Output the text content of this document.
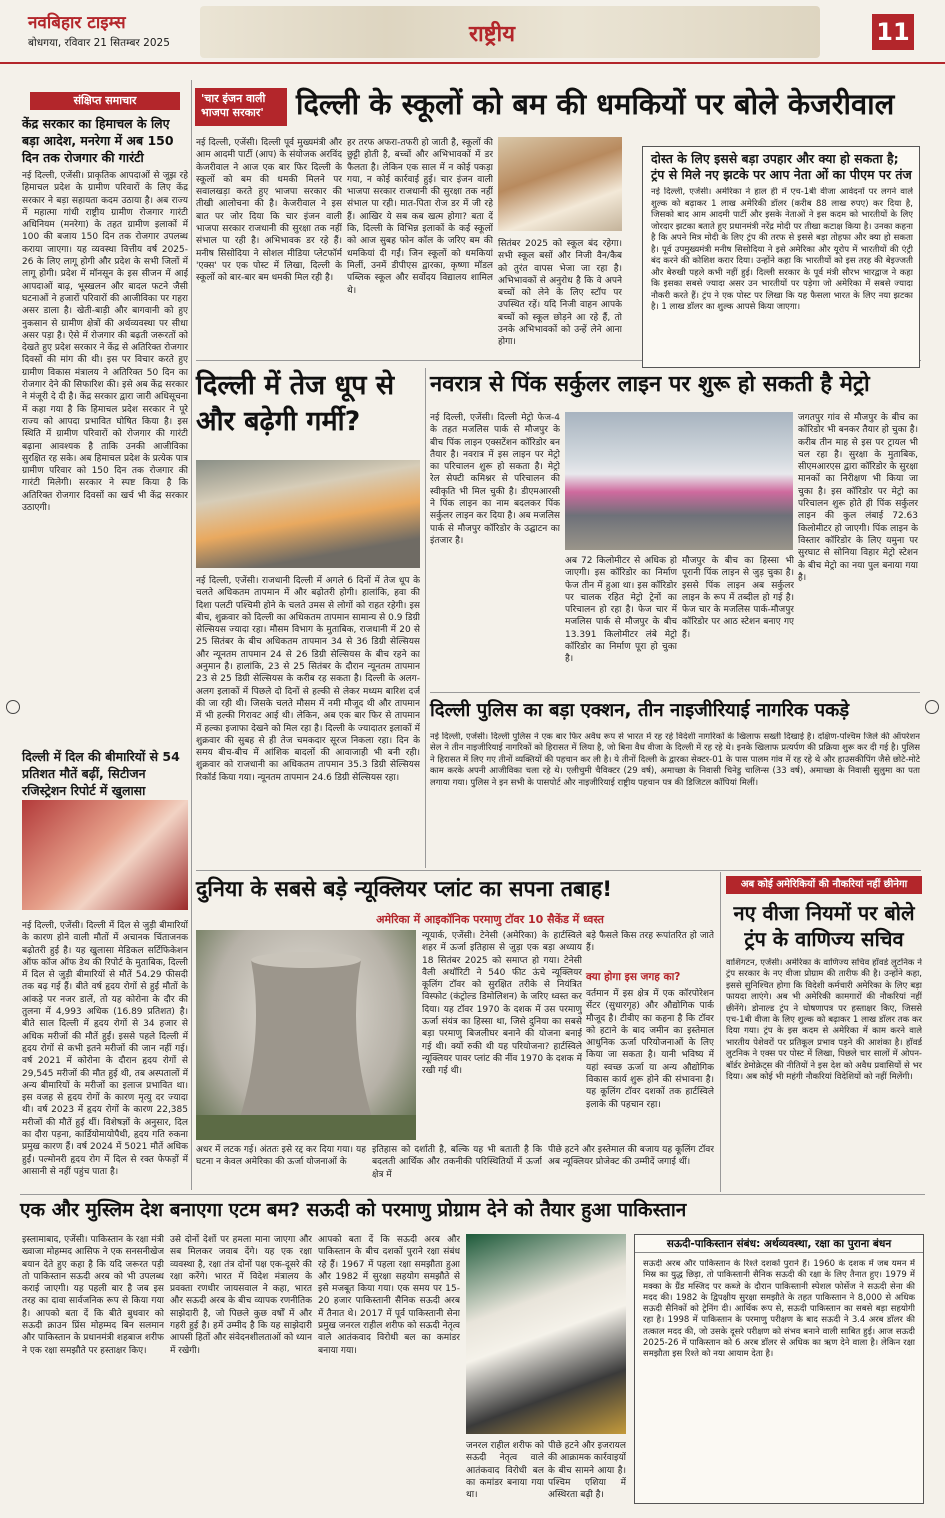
नवबिहार टाइम्स
बोधगया, रविवार 21 सितम्बर 2025	राष्ट्रीय	11
संक्षिप्त समाचार
केंद्र सरकार का हिमाचल के लिए बड़ा आदेश, मनरेगा में अब 150 दिन तक रोजगार की गारंटी
नई दिल्ली, एजेंसी। प्राकृतिक आपदाओं से जूझ रहे हिमाचल प्रदेश के ग्रामीण परिवारों के लिए केंद्र सरकार ने बड़ा सहायता कदम उठाया है। अब राज्य में महात्मा गांधी राष्ट्रीय ग्रामीण रोजगार गारंटी अधिनियम (मनरेगा) के तहत ग्रामीण इलाकों में 100 की बजाय 150 दिन तक रोजगार उपलब्ध कराया जाएगा। यह व्यवस्था वित्तीय वर्ष 2025-26 के लिए लागू होगी और प्रदेश के सभी जिलों में लागू होगी। प्रदेश में मॉनसून के इस सीजन में आई आपदाओं बाढ़, भूस्खलन और बादल फटने जैसी घटनाओं ने हजारों परिवारों की आजीविका पर गहरा असर डाला है। खेती-बाड़ी और बागवानी को हुए नुकसान से ग्रामीण क्षेत्रों की अर्थव्यवस्था पर सीधा असर पड़ा है। ऐसे में रोजगार की बढ़ती जरूरतों को देखते हुए प्रदेश सरकार ने केंद्र से अतिरिक्त रोजगार दिवसों की मांग की थी। इस पर विचार करते हुए ग्रामीण विकास मंत्रालय ने अतिरिक्त 50 दिन का रोजगार देने की सिफारिश की। इसे अब केंद्र सरकार ने मंजूरी दे दी है। केंद्र सरकार द्वारा जारी अधिसूचना में कहा गया है कि हिमाचल प्रदेश सरकार ने पूरे राज्य को आपदा प्रभावित घोषित किया है। इस स्थिति में ग्रामीण परिवारों को रोजगार की गारंटी बढ़ाना आवश्यक है ताकि उनकी आजीविका सुरक्षित रह सके। अब हिमाचल प्रदेश के प्रत्येक पात्र ग्रामीण परिवार को 150 दिन तक रोजगार की गारंटी मिलेगी। सरकार ने स्पष्ट किया है कि अतिरिक्त रोजगार दिवसों का खर्च भी केंद्र सरकार उठाएगी।
दिल्ली में दिल की बीमारियों से 54 प्रतिशत मौतें बढ़ीं, सिटीजन रजिस्ट्रेशन रिपोर्ट में खुलासा
नई दिल्ली, एजेंसी। दिल्ली में दिल से जुड़ी बीमारियों के कारण होने वाली मौतों में अचानक चिंताजनक बढ़ोतरी हुई है। यह खुलासा मेडिकल सर्टिफिकेशन ऑफ कॉज ऑफ डेथ की रिपोर्ट के मुताबिक, दिल्ली में दिल से जुड़ी बीमारियों से मौतें 54.29 फीसदी तक बढ़ गई हैं। बीते वर्ष हृदय रोगों से हुई मौतों के आंकड़े पर नजर डालें, तो यह कोरोना के दौर की तुलना में 4,993 अधिक (16.89 प्रतिशत) है। बीते साल दिल्ली में हृदय रोगों से 34 हजार से अधिक मरीजों की मौतें हुईं। इससे पहले दिल्ली में हृदय रोगों से कभी इतने मरीजों की जान नहीं गई। वर्ष 2021 में कोरोना के दौरान हृदय रोगों से 29,545 मरीजों की मौत हुई थी, तब अस्पतालों में अन्य बीमारियों के मरीजों का इलाज प्रभावित था। इस वजह से हृदय रोगों के कारण मृत्यु दर ज्यादा थी। वर्ष 2023 में हृदय रोगों के कारण 22,385 मरीजों की मौतें हुई थीं। विशेषज्ञों के अनुसार, दिल का दौरा पड़ना, कार्डियोमायोपैथी, हृदय गति रुकना प्रमुख कारण हैं। वर्ष 2024 में 5021 मौतें अधिक हुईं। पल्मोनरी हृदय रोग में दिल से रक्त फेफड़ों में आसानी से नहीं पहुंच पाता है।
'चार इंजन वाली भाजपा सरकार'	दिल्ली के स्कूलों को बम की धमकियों पर बोले केजरीवाल
नई दिल्ली, एजेंसी। दिल्ली पूर्व मुख्यमंत्री और आम आदमी पार्टी (आप) के संयोजक अरविंद केजरीवाल ने आज एक बार फिर दिल्ली के स्कूलों को बम की धमकी मिलने पर सवालखड़ा करते हुए भाजपा सरकार की तीखी आलोचना की है। केजरीवाल ने इस बात पर जोर दिया कि चार इंजन वाली भाजपा सरकार राजधानी की सुरक्षा तक नहीं संभाल पा रही है। अभिभावक डर रहे हैं। मनीष सिसोदिया ने सोशल मीडिया प्लेटफॉर्म 'एक्स' पर एक पोस्ट में लिखा, दिल्ली के स्कूलों को बार-बार बम धमकी मिल रही है।
हर तरफ अफरा-तफरी हो जाती है, स्कूलों की छुट्टी होती है, बच्चों और अभिभावकों में डर फैलता है। लेकिन एक साल में न कोई पकड़ा गया, न कोई कार्रवाई हुई। चार इंजन वाली भाजपा सरकार राजधानी की सुरक्षा तक नहीं संभाल पा रही। मात-पिता रोज डर में जी रहे हैं। आखिर ये सब कब खत्म होगा? बता दें कि, दिल्ली के विभिन्न इलाकों के कई स्कूलों को आज सुबह फोन कॉल के जरिए बम की धमकियां दी गईं। जिन स्कूलों को धमकियां मिलीं, उनमें डीपीएस द्वारका, कृष्णा मॉडल पब्लिक स्कूल और सर्वोदय विद्यालय शामिल थे।
सितंबर 2025 को स्कूल बंद रहेगा। सभी स्कूल बसों और निजी वैन/कैब को तुरंत वापस भेजा जा रहा है। अभिभावकों से अनुरोध है कि वे अपने बच्चों को लेने के लिए स्टॉप पर उपस्थित रहें। यदि निजी वाहन आपके बच्चों को स्कूल छोड़ने आ रहे हैं, तो उनके अभिभावकों को उन्हें लेने आना होगा।
दोस्त के लिए इससे बड़ा उपहार और क्या हो सकता है; ट्रंप से मिले नए झटके पर आप नेता ओं का पीएम पर तंज
नई दिल्ली, एजेंसी। अमेरिका ने हाल ही में एच-1बी वीजा आवेदनों पर लगने वाले शुल्क को बढ़ाकर 1 लाख अमेरिकी डॉलर (करीब 88 लाख रुपए) कर दिया है, जिसको बाद आम आदमी पार्टी और इसके नेताओं ने इस कदम को भारतीयों के लिए जोरदार झटका बताते हुए प्रधानमंत्री नरेंद्र मोदी पर तीखा कटाक्ष किया है। उनका कहना है कि अपने मित्र मोदी के लिए ट्रंप की तरफ से इससे बड़ा तोहफा और क्या हो सकता है। पूर्व उपमुख्यमंत्री मनीष सिसोदिया ने इसे अमेरिका और यूरोप में भारतीयों की एंट्री बंद करने की कोशिश करार दिया। उन्होंने कहा कि भारतीयों को इस तरह की बेइज्जती और बेरुखी पहले कभी नहीं हुई। दिल्ली सरकार के पूर्व मंत्री सौरभ भारद्वाज ने कहा कि इसका सबसे ज्यादा असर उन भारतीयों पर पड़ेगा जो अमेरिका में सबसे ज्यादा नौकरी करते हैं। ट्रंप ने एक पोस्ट पर लिखा कि यह फैसला भारत के लिए नया झटका है। 1 लाख डॉलर का शुल्क आपसे किया जाएगा।
दिल्ली में तेज धूप से और बढ़ेगी गर्मी?
नई दिल्ली, एजेंसी। राजधानी दिल्ली में अगले 6 दिनों में तेज धूप के चलते अधिकतम तापमान में और बढ़ोतरी होगी। हालांकि, हवा की दिशा पलटी पश्चिमी होने के चलते उमस से लोगों को राहत रहेगी। इस बीच, शुक्रवार को दिल्ली का अधिकतम तापमान सामान्य से 0.9 डिग्री सेल्सियस ज्यादा रहा। मौसम विभाग के मुताबिक, राजधानी में 20 से 25 सितंबर के बीच अधिकतम तापमान 34 से 36 डिग्री सेल्सियस और न्यूनतम तापमान 24 से 26 डिग्री सेल्सियस के बीच रहने का अनुमान है। हालांकि, 23 से 25 सितंबर के दौरान न्यूनतम तापमान 23 से 25 डिग्री सेल्सियस के करीब रह सकता है। दिल्ली के अलग-अलग इलाकों में पिछले दो दिनों से हल्की से लेकर मध्यम बारिश दर्ज की जा रही थी। जिसके चलते मौसम में नमी मौजूद थी और तापमान में भी हल्की गिरावट आई थी। लेकिन, अब एक बार फिर से तापमान में हल्का इजाफा देखने को मिल रहा है। दिल्ली के ज्यादातर इलाकों में शुक्रवार की सुबह से ही तेज चमकदार सूरज निकला रहा। दिन के समय बीच-बीच में आंशिक बादलों की आवाजाही भी बनी रही। शुक्रवार को राजधानी का अधिकतम तापमान 35.3 डिग्री सेल्सियस रिकॉर्ड किया गया। न्यूनतम तापमान 24.6 डिग्री सेल्सियस रहा।
नवरात्र से पिंक सर्कुलर लाइन पर शुरू हो सकती है मेट्रो
नई दिल्ली, एजेंसी। दिल्ली मेट्रो फेज-4 के तहत मजलिस पार्क से मौजपुर के बीच पिंक लाइन एक्सटेंशन कॉरिडोर बन तैयार है। नवरात्र में इस लाइन पर मेट्रो का परिचालन शुरू हो सकता है। मेट्रो रेल सेफ्टी कमिश्नर से परिचालन की स्वीकृति भी मिल चुकी है। डीएमआरसी ने पिंक लाइन का नाम बदलकर पिंक सर्कुलर लाइन कर दिया है। अब मजलिस पार्क से मौजपुर कॉरिडोर के उद्घाटन का इंतजार है।
अब 72 किलोमीटर से अधिक हो जाएगी। इस कॉरिडोर का निर्माण फेज तीन में हुआ था। इस कॉरिडोर पर चालक रहित मेट्रो ट्रेनों का परिचालन हो रहा है। फेज चार में मजलिस पार्क से मौजपुर के बीच 13.391 किलोमीटर लंबे मेट्रो कॉरिडोर का निर्माण पूरा हो चुका है।
मौजपुर के बीच का हिस्सा भी पूरानी पिंक लाइन से जुड़ चुका है। इससे पिंक लाइन अब सर्कुलर लाइन के रूप में तब्दील हो गई है। फेज चार के मजलिस पार्क-मौजपुर कॉरिडोर पर आठ स्टेशन बनाए गए हैं।
जगतपुर गांव से मौजपुर के बीच का कॉरिडोर भी बनकर तैयार हो चुका है। करीब तीन माह से इस पर ट्रायल भी चल रहा है। सुरक्षा के मुताबिक, सीएमआरएस द्वारा कॉरिडोर के सुरक्षा मानकों का निरीक्षण भी किया जा चुका है। इस कॉरिडोर पर मेट्रो का परिचालन शुरू होते ही पिंक सर्कुलर लाइन की कुल लंबाई 72.63 किलोमीटर हो जाएगी। पिंक लाइन के विस्तार कॉरिडोर के लिए यमुना पर सुरघाट से सोनिया विहार मेट्रो स्टेशन के बीच मेट्रो का नया पुल बनाया गया है।
दिल्ली पुलिस का बड़ा एक्शन, तीन नाइजीरियाई नागरिक पकड़े
नई दिल्ली, एजेंसी। दिल्ली पुलिस ने एक बार फिर अवैध रूप से भारत में रह रहे विदेशी नागरिकों के खिलाफ सख्ती दिखाई है। दक्षिण-पश्चिम जिले की ऑपरेशन सेल ने तीन नाइजीरियाई नागरिकों को हिरासत में लिया है, जो बिना वैध वीजा के दिल्ली में रह रहे थे। इनके खिलाफ प्रत्यर्पण की प्रक्रिया शुरू कर दी गई है। पुलिस ने हिरासत में लिए गए तीनों व्यक्तियों की पहचान कर ली है। ये तीनों दिल्ली के द्वारका सेक्टर-01 के पास पालम गांव में रह रहे थे और हाउसकीपिंग जैसे छोटे-मोटे काम करके अपनी आजीविका चला रहे थे। एलीचुमी चैविक्टर (29 वर्ष), अमाच्छा के निवासी चिनेडु चालिन्स (33 वर्ष), अमाच्छा के निवासी सुलुमा का पता लगाया गया। पुलिस ने इन सभी के पासपोर्ट और नाइजीरियाई राष्ट्रीय पहचान पत्र की डिजिटल कॉपियां मिलीं।
दुनिया के सबसे बड़े न्यूक्लियर प्लांट का सपना तबाह!
अमेरिका में आइकॉनिक परमाणु टॉवर 10 सैकेंड में ध्वस्त
न्यूयार्क, एजेंसी। टेनेसी (अमेरिका) के हार्टस्विले शहर में ऊर्जा इतिहास से जुड़ा एक बड़ा अध्याय 18 सितंबर 2025 को समाप्त हो गया। टेनेसी वैली अथॉरिटी ने 540 फीट ऊंचे न्यूक्लियर कूलिंग टॉवर को सुरक्षित तरीके से नियंत्रित विस्फोट (कंट्रोल्ड डिमोलिशन) के जरिए ध्वस्त कर दिया। यह टॉवर 1970 के दशक में उस परमाणु ऊर्जा संयंत्र का हिस्सा था, जिसे दुनिया का सबसे बड़ा परमाणु बिजलीघर बनाने की योजना बनाई गई थी। क्यों रुकी थी यह परियोजना? हार्टस्विले न्यूक्लियर पावर प्लांट की नींव 1970 के दशक में रखी गई थी।
बड़े फैसले किस तरह रूपांतरित हो जाते हैं।
क्या होगा इस जगह का?
वर्तमान में इस क्षेत्र में एक कॉरपोरेशन सेंटर (सुधारगृह) और औद्योगिक पार्क मौजूद है। टीवीए का कहना है कि टॉवर को हटाने के बाद जमीन का इस्तेमाल आधुनिक ऊर्जा परियोजनाओं के लिए किया जा सकता है। यानी भविष्य में यहां स्वच्छ ऊर्जा या अन्य औद्योगिक विकास कार्य शुरू होने की संभावना है। यह कूलिंग टॉवर दशकों तक हार्टस्विले इलाके की पहचान रहा।
अधर में लटक गई। अंततः इसे रद्द कर दिया गया। यह घटना न केवल अमेरिका की ऊर्जा योजनाओं के
इतिहास को दर्शाती है, बल्कि यह भी बताती है कि बदलती आर्थिक और तकनीकी परिस्थितियों में ऊर्जा क्षेत्र में
पीछे हटने और इस्तेमाल की बजाय यह कूलिंग टॉवर अब न्यूक्लियर प्रोजेक्ट की उम्मीदें जगाई थीं।
अब कोई अमेरिकियों की नौकरियां नहीं छीनेगा
नए वीजा नियमों पर बोले ट्रंप के वाणिज्य सचिव
वाशिंगटन, एजेंसी। अमेरिका के वाणिज्य सचिव हॉवर्ड लुटनिक ने ट्रंप सरकार के नए वीजा प्रोग्राम की तारीफ की है। उन्होंने कहा, इससे सुनिश्चित होगा कि विदेशी कर्मचारी अमेरिका के लिए बड़ा फायदा लाएंगे। अब भी अमेरिकी कामगारों की नौकरियां नहीं छीनेंगे। डोनाल्ड ट्रंप ने घोषणापत्र पर हस्ताक्षर किए, जिससे एच-1बी वीजा के लिए शुल्क को बढ़ाकर 1 लाख डॉलर तक कर दिया गया। ट्रंप के इस कदम से अमेरिका में काम करने वाले भारतीय पेशेवरों पर प्रतिकूल प्रभाव पड़ने की आशंका है। हॉवर्ड लुटनिक ने एक्स पर पोस्ट में लिखा, पिछले चार सालों में ओपन-बॉर्डर डेमोक्रेट्स की नीतियों ने इस देश को अवैध प्रवासियों से भर दिया। अब कोई भी महंगी नौकरियां विदेशियों को नहीं मिलेंगी।
एक और मुस्लिम देश बनाएगा एटम बम? सऊदी को परमाणु प्रोग्राम देने को तैयार हुआ पाकिस्तान
इस्लामाबाद, एजेंसी। पाकिस्तान के रक्षा मंत्री ख्वाजा मोहम्मद आसिफ ने एक सनसनीखेज बयान देते हुए कहा है कि यदि जरूरत पड़ी तो पाकिस्तान सऊदी अरब को भी उपलब्ध कराई जाएगी। यह पहली बार है जब इस तरह का दावा सार्वजनिक रूप से किया गया है। आपको बता दें कि बीते बुधवार को सऊदी क्राउन प्रिंस मोहम्मद बिन सलमान और पाकिस्तान के प्रधानमंत्री शहबाज शरीफ ने एक रक्षा समझौते पर हस्ताक्षर किए।
उसे दोनों देशों पर हमला माना जाएगा और सब मिलकर जवाब देंगे। यह एक रक्षा व्यवस्था है, रक्षा तंत्र दोनों पक्ष एक-दूसरे की रक्षा करेंगे। भारत में विदेश मंत्रालय के प्रवक्ता रणधीर जायसवाल ने कहा, भारत और सऊदी अरब के बीच व्यापक रणनीतिक साझेदारी है, जो पिछले कुछ वर्षों में और गहरी हुई है। हमें उम्मीद है कि यह साझेदारी आपसी हितों और संवेदनशीलताओं को ध्यान में रखेगी।
आपको बता दें कि सऊदी अरब और पाकिस्तान के बीच दशकों पुराने रक्षा संबंध रहे हैं। 1967 में पहला रक्षा समझौता हुआ और 1982 में सुरक्षा सहयोग समझौते से इसे मजबूत किया गया। एक समय पर 15-20 हजार पाकिस्तानी सैनिक सऊदी अरब में तैनात थे। 2017 में पूर्व पाकिस्तानी सेना प्रमुख जनरल राहील शरीफ को सऊदी नेतृत्व वाले आतंकवाद विरोधी बल का कमांडर बनाया गया।
जनरल राहील शरीफ को सऊदी नेतृत्व वाले आतंकवाद विरोधी बल का कमांडर बनाया गया था।
पीछे हटने और इजरायल की आक्रामक कार्रवाइयों के बीच सामने आया है। पश्चिम एशिया में अस्थिरता बढ़ी है।
सऊदी-पाकिस्तान संबंध: अर्थव्यवस्था, रक्षा का पुराना बंधन
सऊदी अरब और पाकिस्तान के रिश्ते दशकों पुराने हैं। 1960 के दशक में जब यमन में मिस्र का युद्ध छिड़ा, तो पाकिस्तानी सैनिक सऊदी की रक्षा के लिए तैनात हुए। 1979 में मक्का के ग्रैंड मस्जिद पर कब्जे के दौरान पाकिस्तानी स्पेशल फोर्सेज ने सऊदी सेना की मदद की। 1982 के द्विपक्षीय सुरक्षा समझौते के तहत पाकिस्तान ने 8,000 से अधिक सऊदी सैनिकों को ट्रेनिंग दी। आर्थिक रूप से, सऊदी पाकिस्तान का सबसे बड़ा सहयोगी रहा है। 1998 में पाकिस्तान के परमाणु परीक्षण के बाद सऊदी ने 3.4 अरब डॉलर की तत्काल मदद की, जो उसके दूसरे परीक्षण को संभव बनाने वाली साबित हुई। आज सऊदी 2025-26 में पाकिस्तान को 6 अरब डॉलर से अधिक का ऋण देने वाला है। लेकिन रक्षा समझौता इस रिश्ते को नया आयाम देता है।
